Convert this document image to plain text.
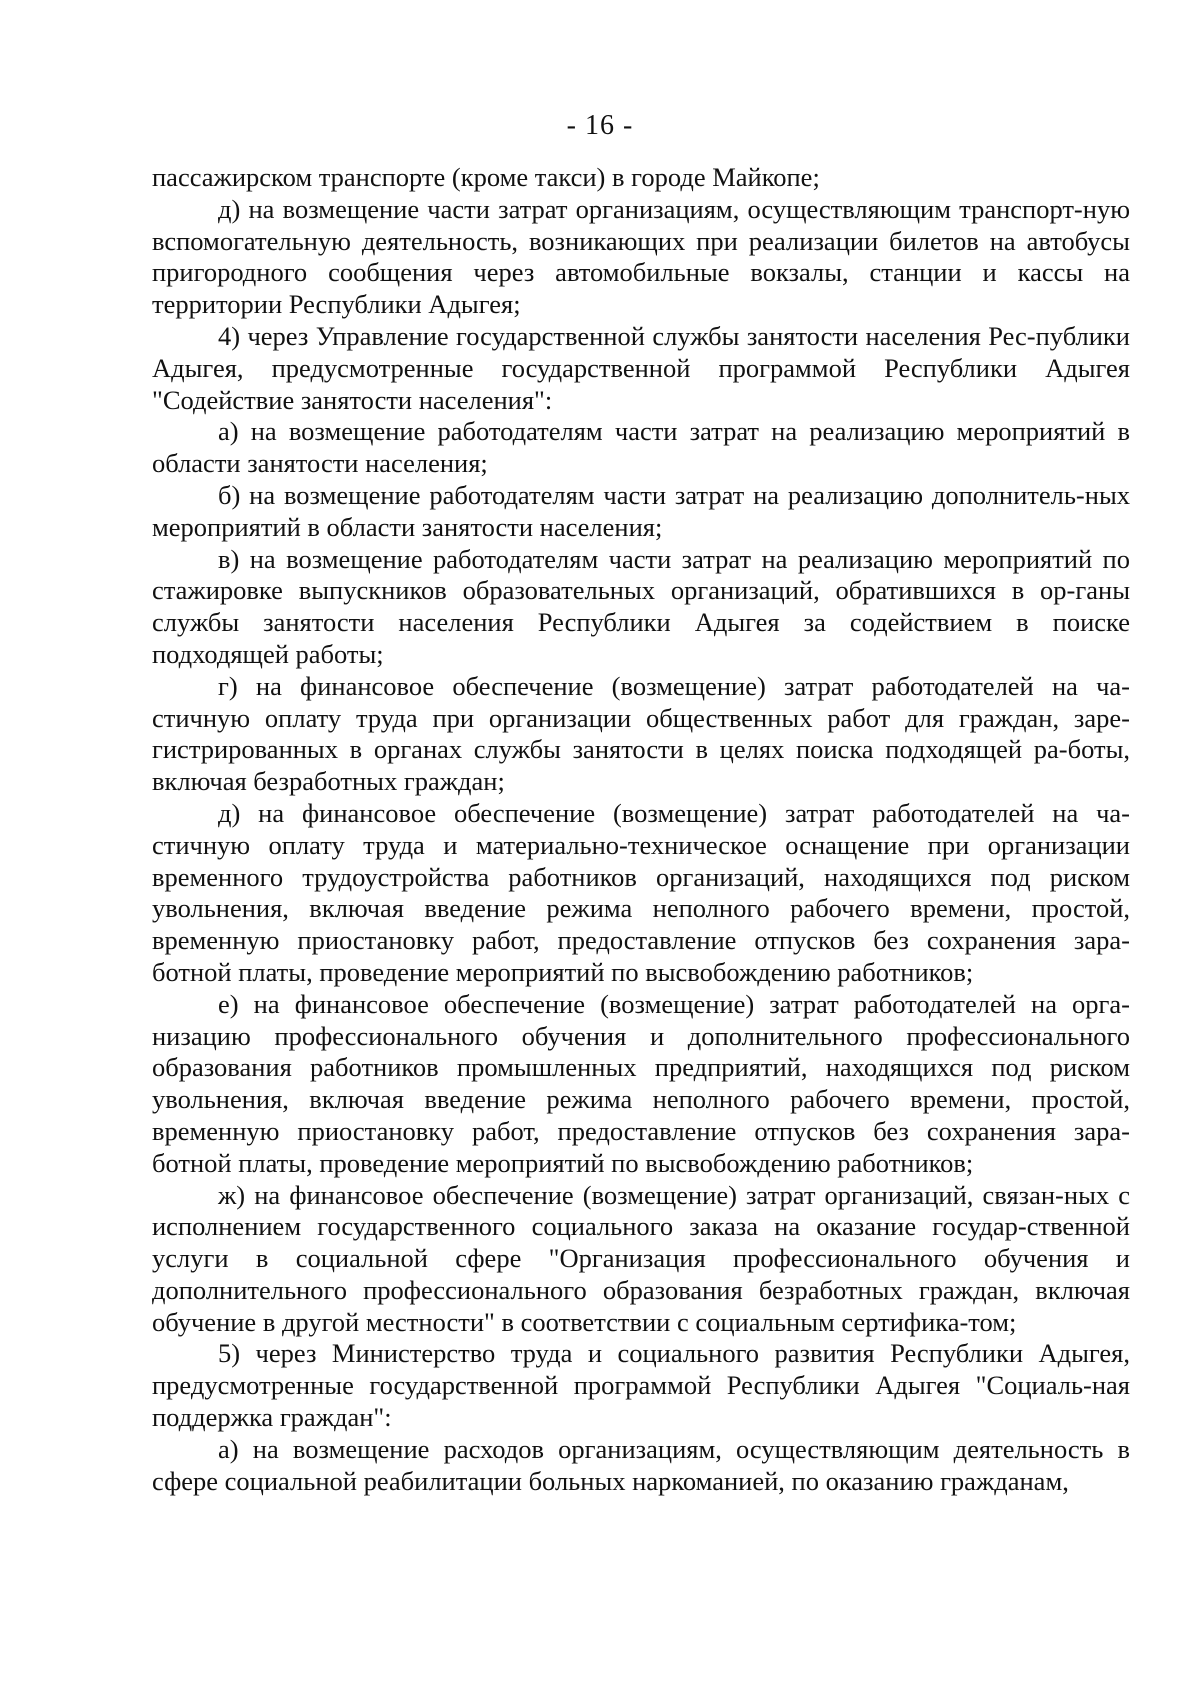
- 16 -

пассажирском транспорте (кроме такси) в городе Майкопе;

д) на возмещение части затрат организациям, осуществляющим транспорт-ную вспомогательную деятельность, возникающих при реализации билетов на автобусы пригородного сообщения через автомобильные вокзалы, станции и кассы на территории Республики Адыгея;

4) через Управление государственной службы занятости населения Рес-публики Адыгея, предусмотренные государственной программой Республики Адыгея "Содействие занятости населения":

а) на возмещение работодателям части затрат на реализацию мероприятий в области занятости населения;

б) на возмещение работодателям части затрат на реализацию дополнитель-ных мероприятий в области занятости населения;

в) на возмещение работодателям части затрат на реализацию мероприятий по стажировке выпускников образовательных организаций, обратившихся в ор-ганы службы занятости населения Республики Адыгея за содействием в поиске подходящей работы;

г) на финансовое обеспечение (возмещение) затрат работодателей на ча-стичную оплату труда при организации общественных работ для граждан, заре-гистрированных в органах службы занятости в целях поиска подходящей ра-боты, включая безработных граждан;

д) на финансовое обеспечение (возмещение) затрат работодателей на ча-стичную оплату труда и материально-техническое оснащение при организации временного трудоустройства работников организаций, находящихся под риском увольнения, включая введение режима неполного рабочего времени, простой, временную приостановку работ, предоставление отпусков без сохранения зара-ботной платы, проведение мероприятий по высвобождению работников;

е) на финансовое обеспечение (возмещение) затрат работодателей на орга-низацию профессионального обучения и дополнительного профессионального образования работников промышленных предприятий, находящихся под риском увольнения, включая введение режима неполного рабочего времени, простой, временную приостановку работ, предоставление отпусков без сохранения зара-ботной платы, проведение мероприятий по высвобождению работников;

ж) на финансовое обеспечение (возмещение) затрат организаций, связан-ных с исполнением государственного социального заказа на оказание государ-ственной услуги в социальной сфере "Организация профессионального обучения и дополнительного профессионального образования безработных граждан, включая обучение в другой местности" в соответствии с социальным сертифика-том;

5) через Министерство труда и социального развития Республики Адыгея, предусмотренные государственной программой Республики Адыгея "Социаль-ная поддержка граждан":

а) на возмещение расходов организациям, осуществляющим деятельность в сфере социальной реабилитации больных наркоманией, по оказанию гражданам,
